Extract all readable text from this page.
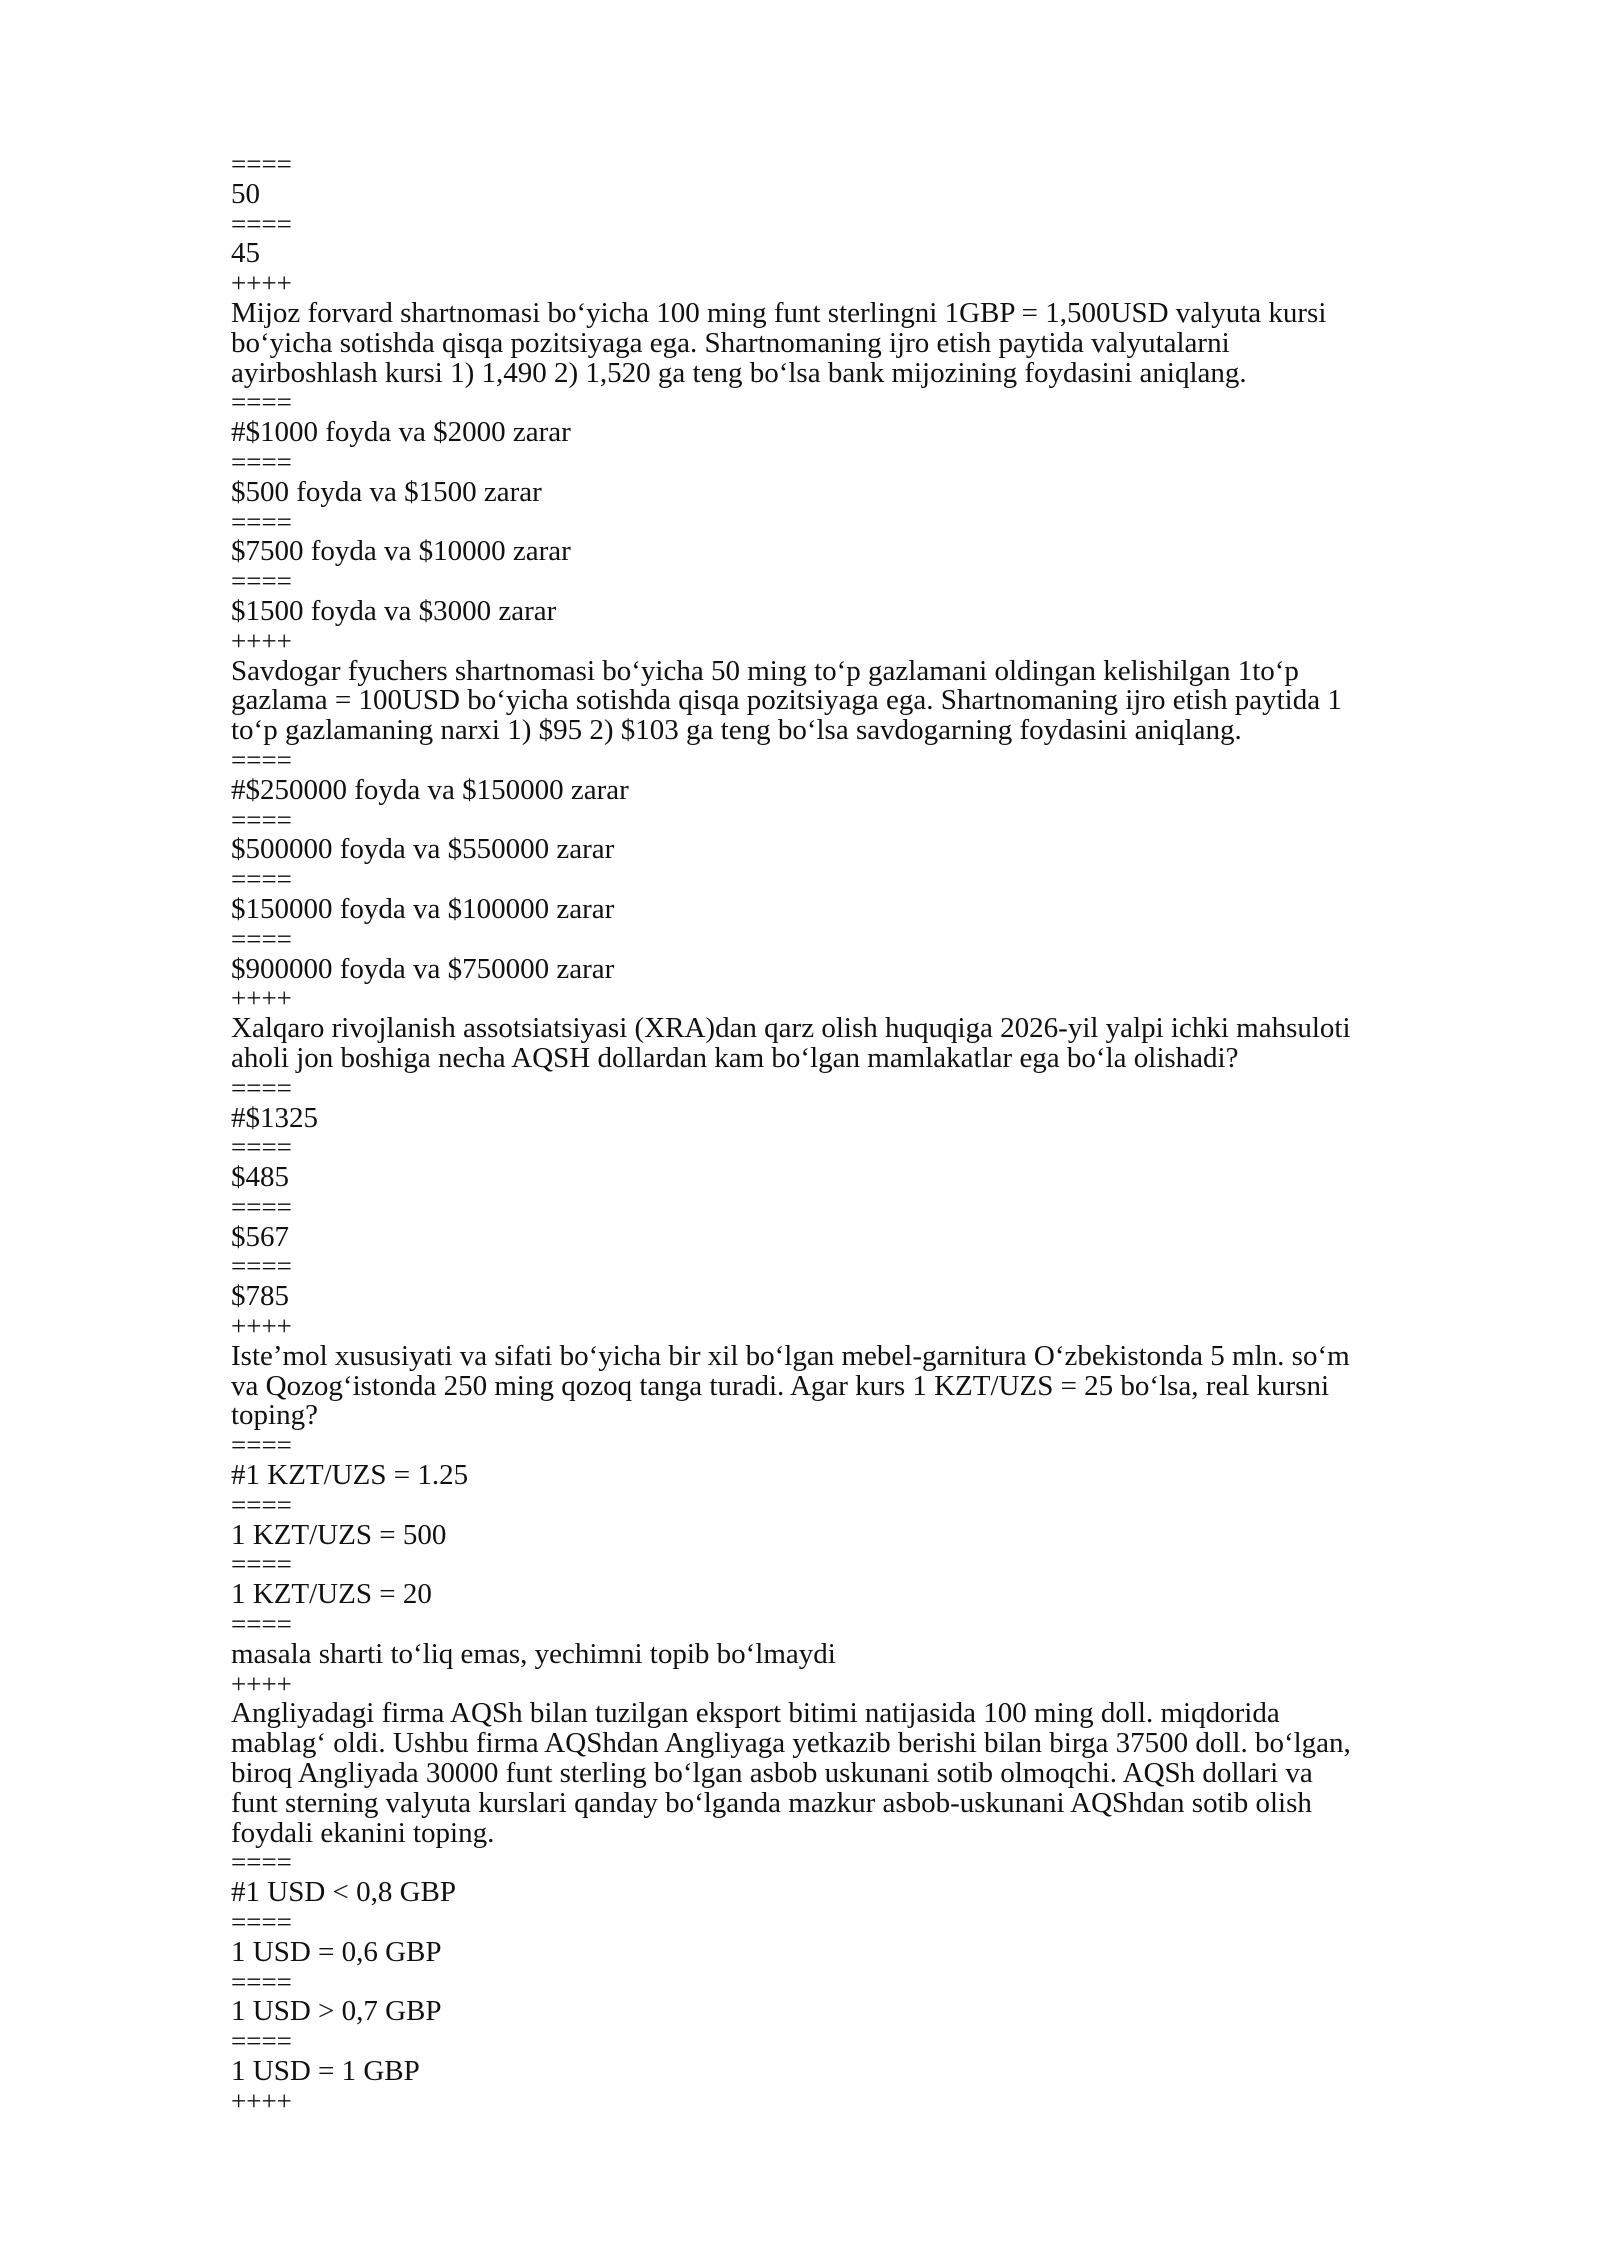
====
50
====
45
++++
Mijoz forvard shartnomasi bo‘yicha 100 ming funt sterlingni 1GBP = 1,500USD valyuta kursi
bo‘yicha sotishda qisqa pozitsiyaga ega. Shartnomaning ijro etish paytida valyutalarni
ayirboshlash kursi 1) 1,490 2) 1,520 ga teng bo‘lsa bank mijozining foydasini aniqlang.
====
#$1000 foyda va $2000 zarar
====
$500 foyda va $1500 zarar
====
$7500 foyda va $10000 zarar
====
$1500 foyda va $3000 zarar
++++
Savdogar fyuchers shartnomasi bo‘yicha 50 ming to‘p gazlamani oldingan kelishilgan 1to‘p
gazlama = 100USD bo‘yicha sotishda qisqa pozitsiyaga ega. Shartnomaning ijro etish paytida 1
to‘p gazlamaning narxi 1) $95 2) $103 ga teng bo‘lsa savdogarning foydasini aniqlang.
====
#$250000 foyda va $150000 zarar
====
$500000 foyda va $550000 zarar
====
$150000 foyda va $100000 zarar
====
$900000 foyda va $750000 zarar
++++
Xalqaro rivojlanish assotsiatsiyasi (XRA)dan qarz olish huquqiga 2026-yil yalpi ichki mahsuloti
aholi jon boshiga necha AQSH dollardan kam bo‘lgan mamlakatlar ega bo‘la olishadi?
====
#$1325
====
$485
====
$567
====
$785
++++
Iste’mol xususiyati va sifati bo‘yicha bir xil bo‘lgan mebel-garnitura O‘zbekistonda 5 mln. so‘m
va Qozog‘istonda 250 ming qozoq tanga turadi. Agar kurs 1 KZT/UZS = 25 bo‘lsa, real kursni
toping?
====
#1 KZT/UZS = 1.25
====
1 KZT/UZS = 500
====
1 KZT/UZS = 20
====
masala sharti to‘liq emas, yechimni topib bo‘lmaydi
++++
Angliyadagi firma AQSh bilan tuzilgan eksport bitimi natijasida 100 ming doll. miqdorida
mablag‘ oldi. Ushbu firma AQShdan Angliyaga yetkazib berishi bilan birga 37500 doll. bo‘lgan,
biroq Angliyada 30000 funt sterling bo‘lgan asbob uskunani sotib olmoqchi. AQSh dollari va
funt sterning valyuta kurslari qanday bo‘lganda mazkur asbob-uskunani AQShdan sotib olish
foydali ekanini toping.
====
#1 USD < 0,8 GBP
====
1 USD = 0,6 GBP
====
1 USD > 0,7 GBP
====
1 USD = 1 GBP
++++
